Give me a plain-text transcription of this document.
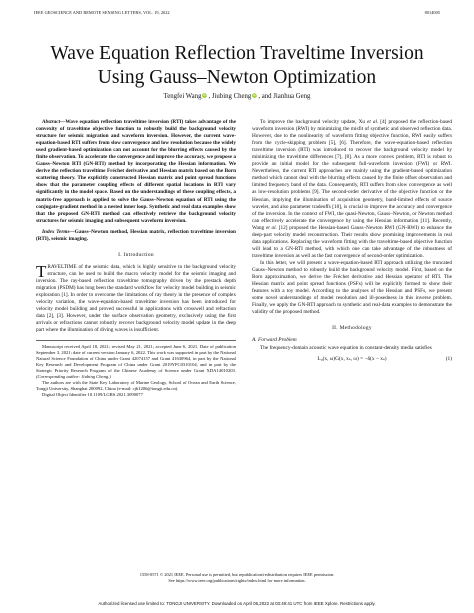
IEEE GEOSCIENCE AND REMOTE SENSING LETTERS, VOL. 19, 2022	8014005
Wave Equation Reflection Traveltime Inversion
Using Gauss–Newton Optimization
Tengfei Wang iD , Jiubing Cheng iD , and Jianhua Geng

Abstract—Wave equation reflection traveltime inversion (RTI) takes advantage of the convexity of traveltime objective function to robustly build the background velocity structure for seismic migration and waveform inversion. However, the current wave-equation-based RTI suffers from slow convergence and low resolution because the widely used gradient-based optimization can not account for the blurring effects caused by the finite observation. To accelerate the convergence and improve the accuracy, we propose a Gauss–Newton RTI (GN-RTI) method by incorporating the Hessian information. We derive the reflection traveltime Fréchet derivative and Hessian matrix based on the Born scattering theory. The explicitly constructed Hessian matrix and point spread functions show that the parameter coupling effects of different spatial locations in RTI vary significantly in the model space. Based on the understandings of these coupling effects, a matrix-free approach is applied to solve the Gauss–Newton equation of RTI using the conjugate-gradient method in a nested inner loop. Synthetic and real data examples show that the proposed GN-RTI method can effectively retrieve the background velocity structures for seismic imaging and subsequent waveform inversion.

Index Terms—Gauss–Newton method, Hessian matrix, reflection traveltime inversion (RTI), seismic imaging.

I. Introduction

TRAVELTIME of the seismic data, which is highly sensitive to the background velocity structure, can be used to build the macro velocity model for the seismic imaging and inversion. The ray-based reflection traveltime tomography driven by the prestack depth migration (PSDM) has long been the standard workflow for velocity model building in seismic exploration [1]. In order to overcome the limitations of ray theory in the presence of complex velocity variation, the wave-equation-based traveltime inversion has been introduced for velocity model building and proved successful in applications with crosswell and refraction data [2], [3]. However, under the surface observation geometry, exclusively using the first arrivals or refractions cannot robustly recover background velocity model update in the deep part where the illumination of diving waves is insufficient.

Manuscript received April 18, 2021; revised May 21, 2021; accepted June 6, 2021. Date of publication September 3, 2021; date of current version January 6, 2022. This work was supported in part by the National Natural Science Foundation of China under Grant 42074157 and Grant 41630964, in part by the National Key Research and Development Program of China under Grant 2019YFC0310104, and in part by the Strategic Priority Research Program of the Chinese Academy of Science under Grant XDA14010203. (Corresponding author: Jiubing Cheng.)

The authors are with the State Key Laboratory of Marine Geology, School of Ocean and Earth Science, Tongji University, Shanghai 200092, China (e-mail: cjb1206@tongji.edu.cn).

Digital Object Identifier 10.1109/LGRS.2021.3090077

To improve the background velocity update, Xu et al. [4] proposed the reflection-based waveform inversion (RWI) by minimizing the misfit of synthetic and observed reflection data. However, due to the nonlinearity of waveform fitting objective function, RWI easily suffers from the cycle-skipping problem [5], [6]. Therefore, the wave-equation-based reflection traveltime inversion (RTI) was introduced to recover the background velocity model by minimizing the traveltime differences [7], [8]. As a more convex problem, RTI is robust to provide an initial model for the subsequent full-waveform inversion (FWI) or RWI. Nevertheless, the current RTI approaches are mainly using the gradient-based optimization method which cannot deal with the blurring effects caused by the finite offset observation and limited frequency band of the data. Consequently, RTI suffers from slow convergence as well as low-resolution problems [9]. The second-order derivative of the objective function or the Hessian, implying the illumination of acquisition geometry, band-limited effects of source wavelet, and also parameter tradeoffs [10], is crucial to improve the accuracy and convergence of the inversion. In the context of FWI, the quasi-Newton, Gauss–Newton, or Newton method can effectively accelerate the convergence by using the Hessian information [11]. Recently, Wang et al. [12] proposed the Hessian-based Gauss–Newton RWI (GN-RWI) to enhance the deep-part velocity model reconstruction. Their results show promising improvements in real data applications. Replacing the waveform fitting with the traveltime-based objective function will lead to a GN-RTI method, with which one can take advantage of the robustness of traveltime inversion as well as the fast convergence of second-order optimization.

In this letter, we will present a wave-equation-based RTI approach utilizing the truncated Gauss–Newton method to robustly build the background velocity model. First, based on the Born approximation, we derive the Fréchet derivative and Hessian operator of RTI. The Hessian matrix and point spread functions (PSFs) will be explicitly formed to show their features with a toy model. According to the analyses of the Hessian and PSFs, we present some novel understandings of model resolution and ill-posedness in this inverse problem. Finally, we apply the GN-RTI approach to synthetic and real-data examples to demonstrate the validity of the proposed method.

II. Methodology
A. Forward Problem

The frequency-domain acoustic wave equation in constant-density media satisfies

L₀(x, ω)G(x, xₛ, ω) = −δ(x − xₛ)	(1)
1558-0571 © 2021 IEEE. Personal use is permitted, but republication/redistribution requires IEEE permission.
See https://www.ieee.org/publications/rights/index.html for more information.
Authorized licensed use limited to: TONGJI UNIVERSITY. Downloaded on April 06,2022 at 03:49:41 UTC from IEEE Xplore. Restrictions apply.
